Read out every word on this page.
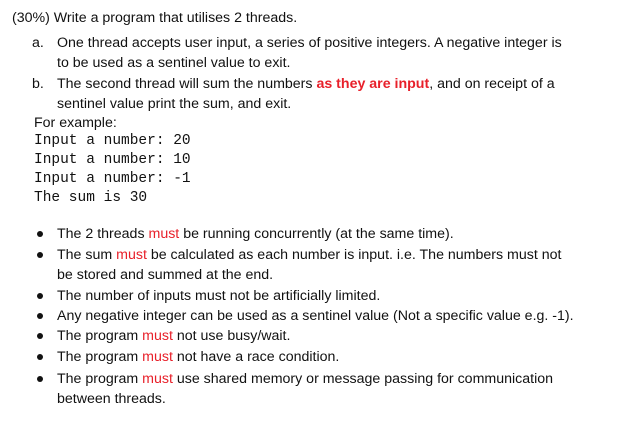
(30%) Write a program that utilises 2 threads.
a. One thread accepts user input, a series of positive integers. A negative integer is
to be used as a sentinel value to exit.
b. The second thread will sum the numbers as they are input, and on receipt of a
sentinel value print the sum, and exit.
For example:
Input a number: 20
Input a number: 10
Input a number: -1
The sum is 30
The 2 threads must be running concurrently (at the same time).
The sum must be calculated as each number is input. i.e. The numbers must not
be stored and summed at the end.
The number of inputs must not be artificially limited.
Any negative integer can be used as a sentinel value (Not a specific value e.g. -1).
The program must not use busy/wait.
The program must not have a race condition.
The program must use shared memory or message passing for communication
between threads.
